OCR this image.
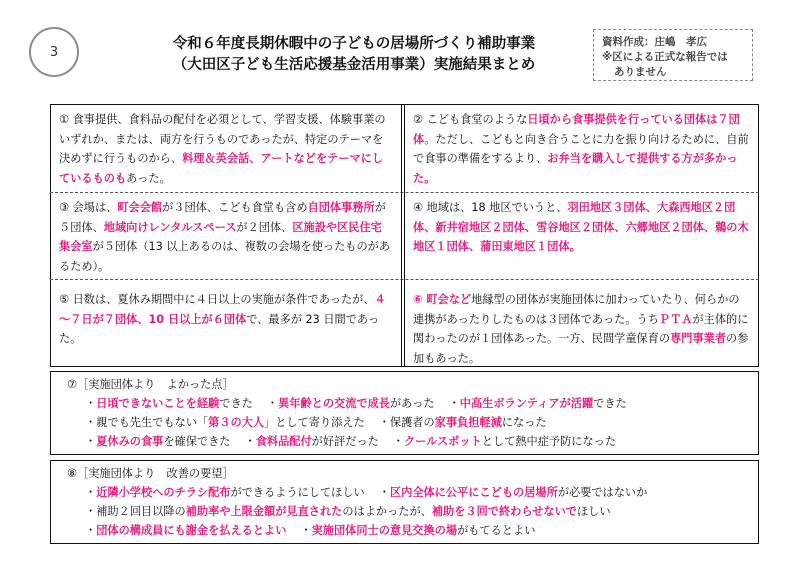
3	令和６年度長期休暇中の子どもの居場所づくり補助事業
（大田区子ども生活応援基金活用事業）実施結果まとめ
資料作成：庄嶋　孝広
※区による正式な報告では
ありません
① 食事提供、食料品の配付を必須として、学習支援、体験事業のいずれか、または、両方を行うものであったが、特定のテーマを決めずに行うものから、料理＆英会話、アートなどをテーマにしているものもあった。
② こども食堂のような日頃から食事提供を行っている団体は７団体。ただし、こどもと向き合うことに力を振り向けるために、自前で食事の準備をするより、お弁当を購入して提供する方が多かった。
③ 会場は、町会会館が３団体、こども食堂も含め自団体事務所が５団体、地域向けレンタルスペースが２団体、区施設や区民住宅集会室が５団体（13 以上あるのは、複数の会場を使ったものがあるため）。
④ 地域は、18 地区でいうと、羽田地区３団体、大森西地区２団体、新井宿地区２団体、雪谷地区２団体、六郷地区２団体、鵜の木地区１団体、蒲田東地区１団体。
⑤ 日数は、夏休み期間中に４日以上の実施が条件であったが、４～７日が７団体、10 日以上が６団体で、最多が 23 日間であった。
⑥ 町会など地縁型の団体が実施団体に加わっていたり、何らかの連携があったりしたものは３団体であった。うちＰＴＡが主体的に関わったのが１団体あった。一方、民間学童保育の専門事業者の参加もあった。
⑦［実施団体より　よかった点］
・日頃できないことを経験できた ・異年齢との交流で成長があった ・中高生ボランティアが活躍できた
・親でも先生でもない「第３の大人」として寄り添えた ・保護者の家事負担軽減になった
・夏休みの食事を確保できた ・食料品配付が好評だった ・クールスポットとして熱中症予防になった
⑧［実施団体より　改善の要望］
・近隣小学校へのチラシ配布ができるようにしてほしい ・区内全体に公平にこどもの居場所が必要ではないか
・補助２回目以降の補助率や上限金額が見直されたのはよかったが、補助を３回で終わらせないでほしい
・団体の構成員にも謝金を払えるとよい ・実施団体同士の意見交換の場がもてるとよい
